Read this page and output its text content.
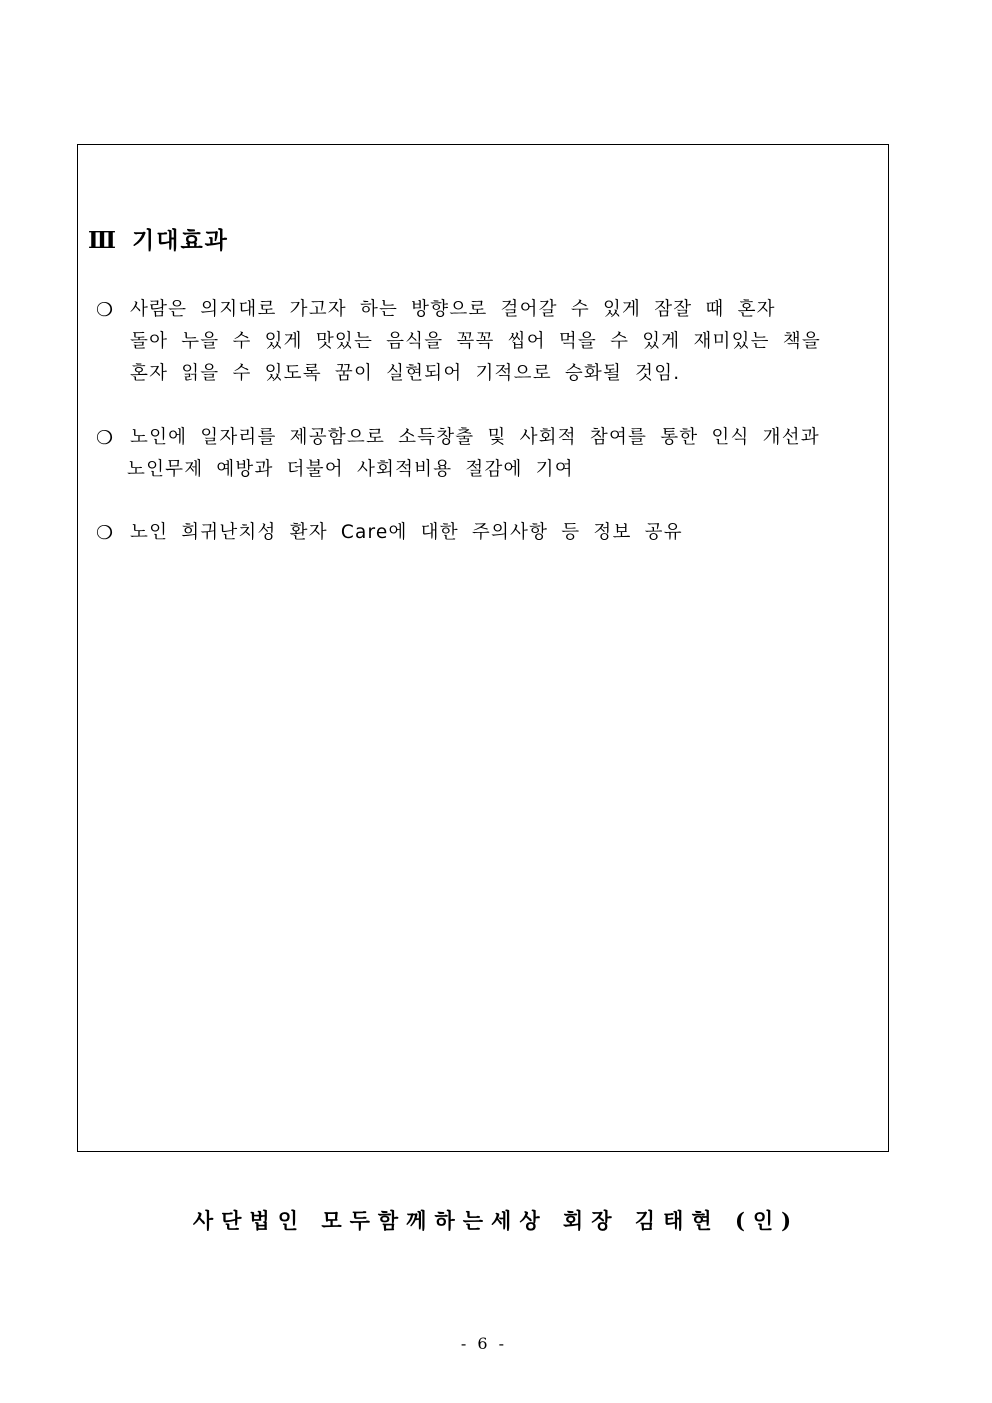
Ⅲ 기대효과
❍ 사람은 의지대로 가고자 하는 방향으로 걸어갈 수 있게 잠잘 때 혼자
돌아 누을 수 있게 맛있는 음식을 꼭꼭 씹어 먹을 수 있게 재미있는 책을
혼자 읽을 수 있도록 꿈이 실현되어 기적으로 승화될 것임.
❍ 노인에 일자리를 제공함으로 소득창출 및 사회적 참여를 통한 인식 개선과
노인무제 예방과 더불어 사회적비용 절감에 기여
❍ 노인 희귀난치성 환자 Care에 대한 주의사항 등 정보 공유
사단법인 모두함께하는세상 회장 김태현 (인)
- 6 -
